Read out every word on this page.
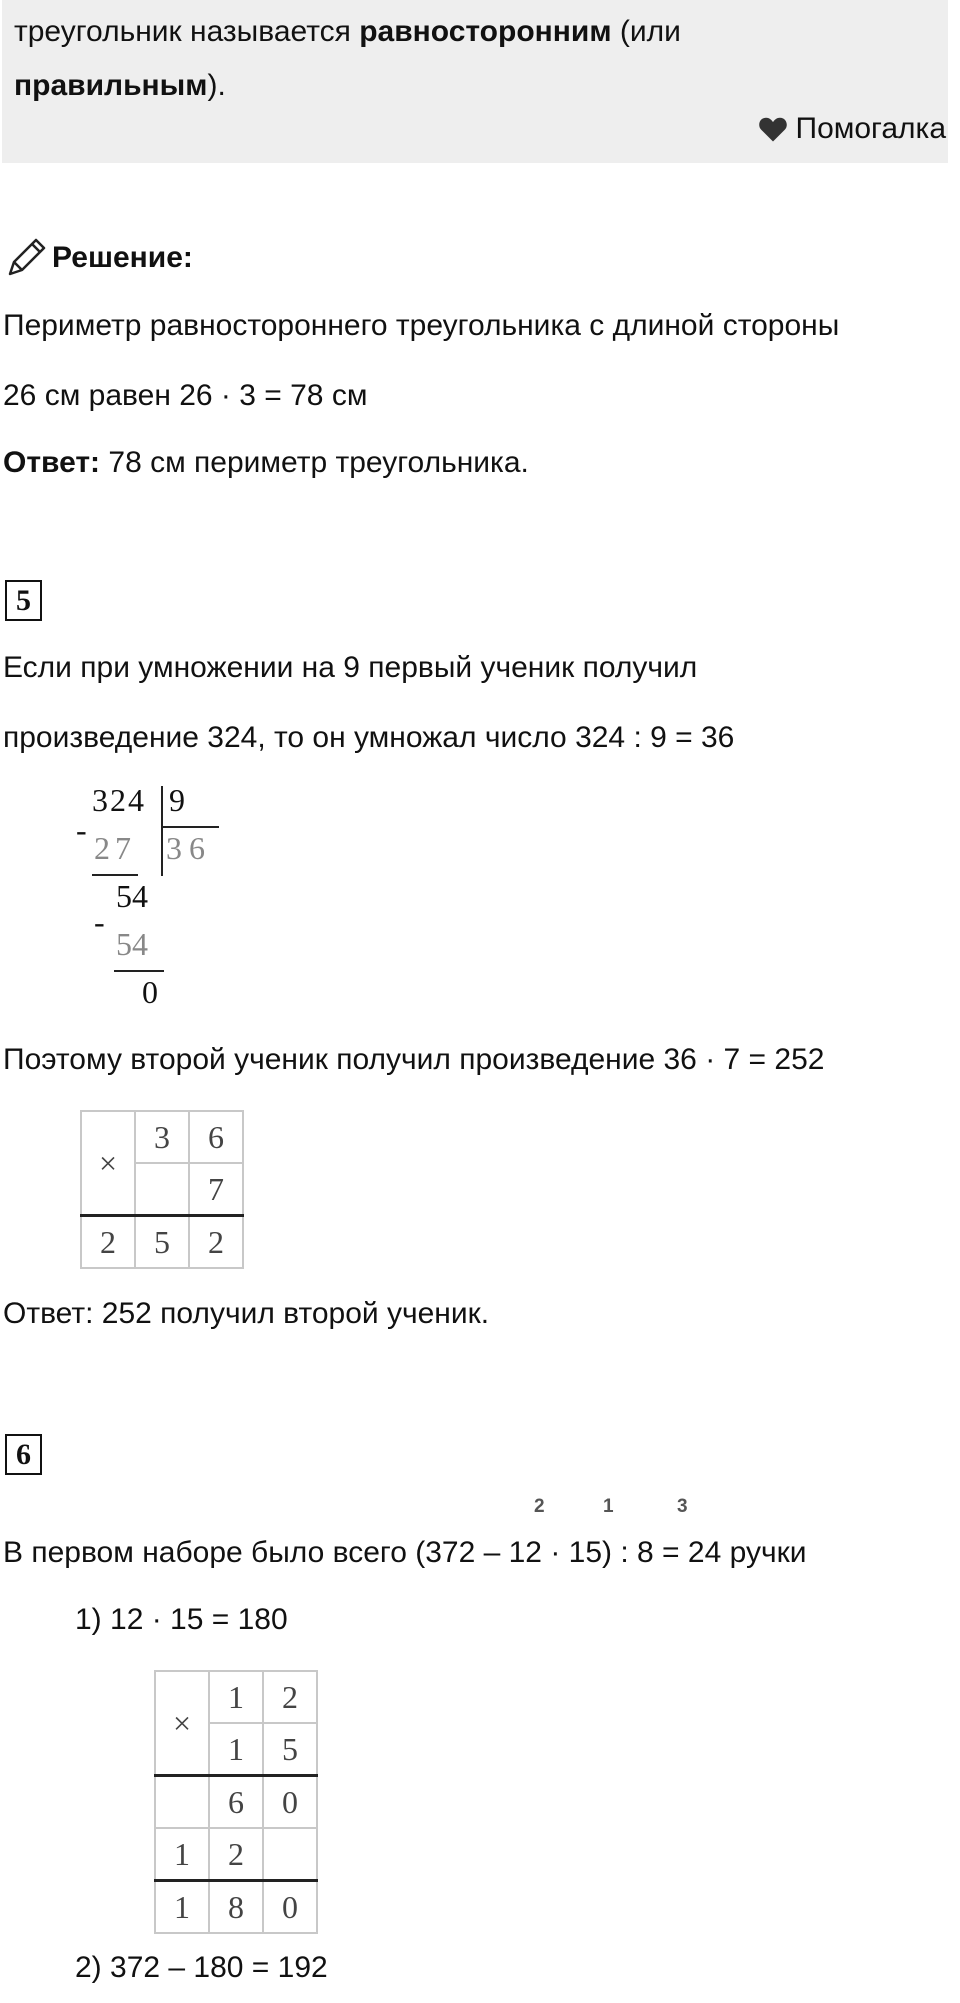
треугольник называется равносторонним (или
правильным).
Помогалка
Решение:
Периметр равностороннего треугольника с длиной стороны
26 см равен 26 · 3 = 78 см
Ответ: 78 см периметр треугольника.
5
Если при умножении на 9 первый ученик получил
произведение 324, то он умножал число 324 : 9 = 36
324 9
36
- 27
54
-
54
0
Поэтому второй ученик получил произведение 36 · 7 = 252
×	3	6
		7
2	5	2
Ответ: 252 получил второй ученик.
6
2	1	3
В первом наборе было всего (372 – 12 · 15) : 8 = 24 ручки
1) 12 · 15 = 180
×	1	2
	1	5
	6	0
1	2	
1	8	0
2) 372 – 180 = 192
